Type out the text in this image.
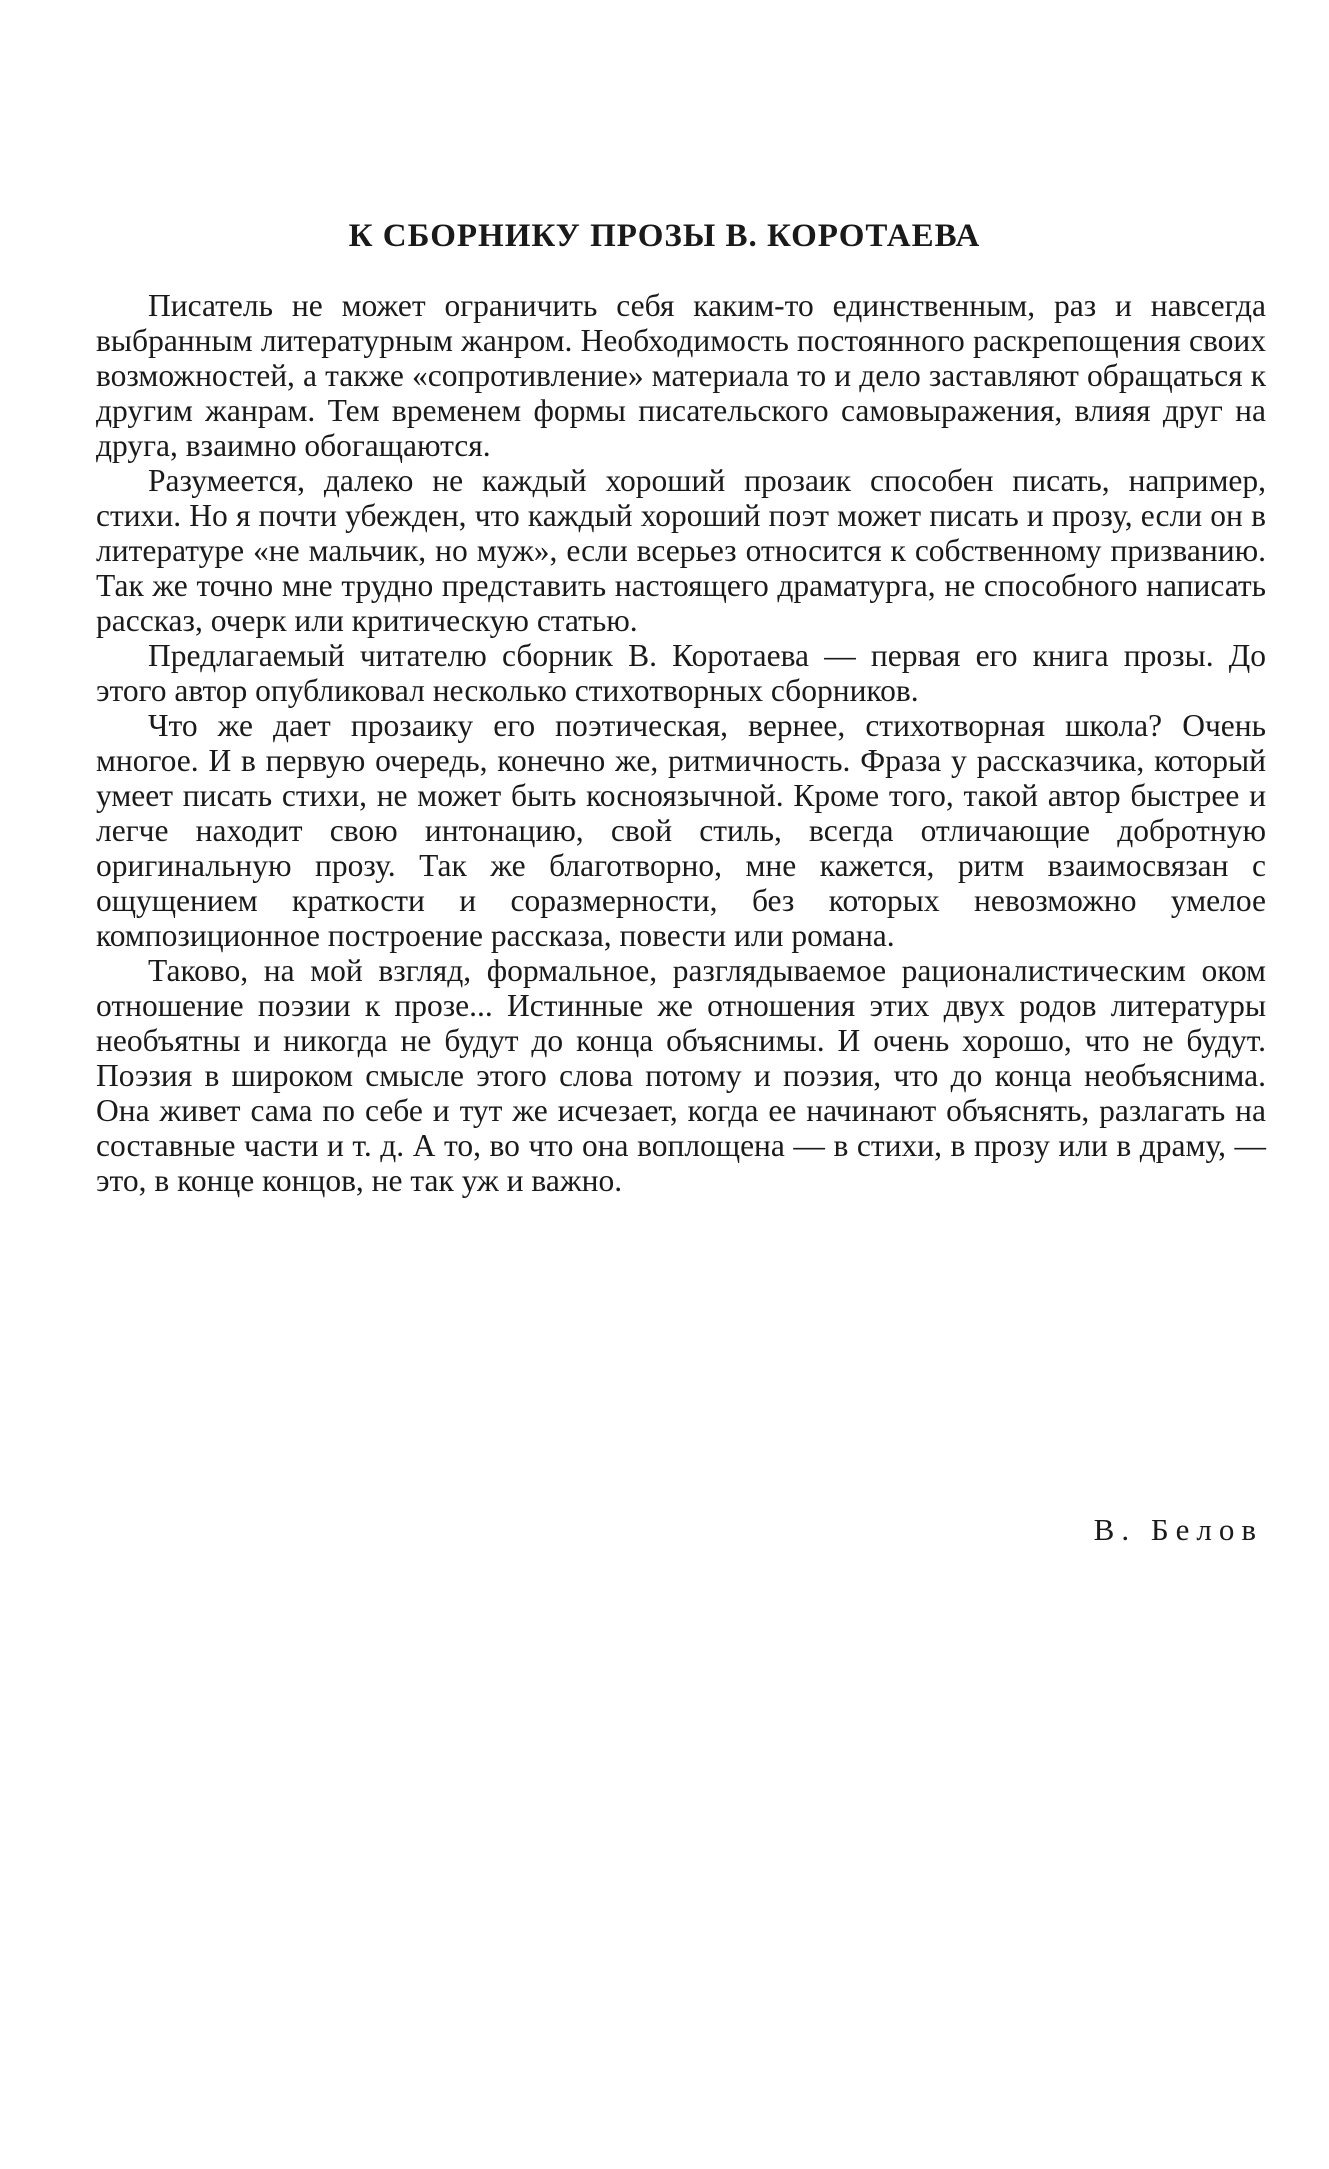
К СБОРНИКУ ПРОЗЫ В. КОРОТАЕВА

Писатель не может ограничить себя каким-то единственным, раз и навсегда выбранным литературным жанром. Необходимость постоянного раскрепощения своих возможностей, а также «сопротивление» материала то и дело заставляют обращаться к другим жанрам. Тем временем формы писательского самовыражения, влияя друг на друга, взаимно обогащаются.

Разумеется, далеко не каждый хороший прозаик способен писать, например, стихи. Но я почти убежден, что каждый хороший поэт может писать и прозу, если он в литературе «не мальчик, но муж», если всерьез относится к собственному призванию. Так же точно мне трудно представить настоящего драматурга, не способного написать рассказ, очерк или критическую статью.

Предлагаемый читателю сборник В. Коротаева — первая его книга прозы. До этого автор опубликовал несколько стихотворных сборников.

Что же дает прозаику его поэтическая, вернее, стихотворная школа? Очень многое. И в первую очередь, конечно же, ритмичность. Фраза у рассказчика, который умеет писать стихи, не может быть косноязычной. Кроме того, такой автор быстрее и легче находит свою интонацию, свой стиль, всегда отличающие добротную оригинальную прозу. Так же благотворно, мне кажется, ритм взаимосвязан с ощущением краткости и соразмерности, без которых невозможно умелое композиционное построение рассказа, повести или романа.

Таково, на мой взгляд, формальное, разглядываемое рационалистическим оком отношение поэзии к прозе... Истинные же отношения этих двух родов литературы необъятны и никогда не будут до конца объяснимы. И очень хорошо, что не будут. Поэзия в широком смысле этого слова потому и поэзия, что до конца необъяснима. Она живет сама по себе и тут же исчезает, когда ее начинают объяснять, разлагать на составные части и т. д. А то, во что она воплощена — в стихи, в прозу или в драму, — это, в конце концов, не так уж и важно.

В. Белов
